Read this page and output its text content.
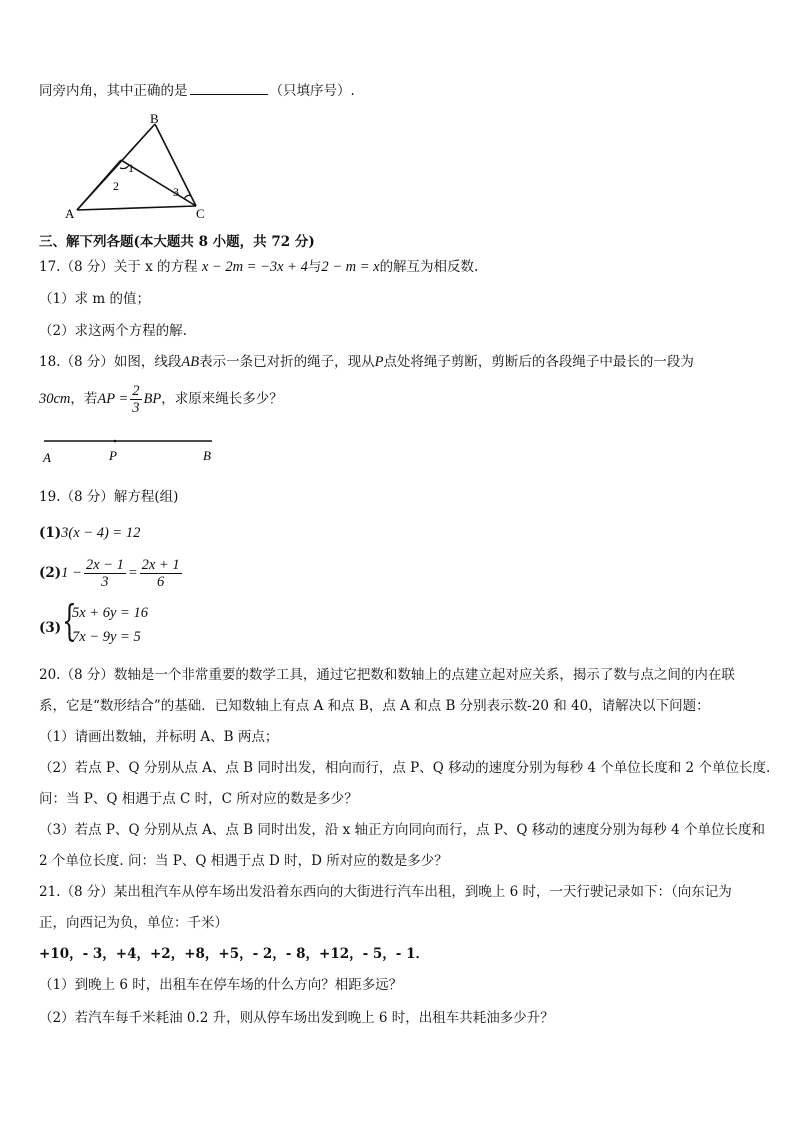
同旁内角，其中正确的是	（只填序号）.
B
A	C
1
2	3
三、解下列各题(本大题共 8 小题，共 72 分)
17.（8 分）关于 x 的方程 x − 2m = −3x + 4与2 − m = x的解互为相反数.
（1）求 m 的值；
（2）求这两个方程的解.
18.（8 分）如图，线段AB表示一条已对折的绳子，现从P点处将绳子剪断，剪断后的各段绳子中最长的一段为
30cm，若AP = $\frac{2}{3}$ BP，求原来绳长多少？
A	P	B
19.（8 分）解方程(组)
(1)3(x − 4) = 12
$(2)1 - \frac{2x - 1}{3} = \frac{2x + 1}{6}$
(3) {
5x + 6y = 16
7x − 9y = 5
20.（8 分）数轴是一个非常重要的数学工具，通过它把数和数轴上的点建立起对应关系，揭示了数与点之间的内在联
系，它是“数形结合”的基础．已知数轴上有点 A 和点 B，点 A 和点 B 分别表示数-20 和 40，请解决以下问题：
（1）请画出数轴，并标明 A、B 两点；
（2）若点 P、Q 分别从点 A、点 B 同时出发，相向而行，点 P、Q 移动的速度分别为每秒 4 个单位长度和 2 个单位长度.
问：当 P、Q 相遇于点 C 时，C 所对应的数是多少？
（3）若点 P、Q 分别从点 A、点 B 同时出发，沿 x 轴正方向同向而行，点 P、Q 移动的速度分别为每秒 4 个单位长度和
2 个单位长度. 问：当 P、Q 相遇于点 D 时，D 所对应的数是多少？
21.（8 分）某出租汽车从停车场出发沿着东西向的大街进行汽车出租，到晚上 6 时，一天行驶记录如下：（向东记为
正，向西记为负，单位：千米）
+10，- 3，+4，+2，+8，+5，- 2，- 8，+12，- 5，- 1．
（1）到晚上 6 时，出租车在停车场的什么方向？相距多远？
（2）若汽车每千米耗油 0.2 升，则从停车场出发到晚上 6 时，出租车共耗油多少升？
